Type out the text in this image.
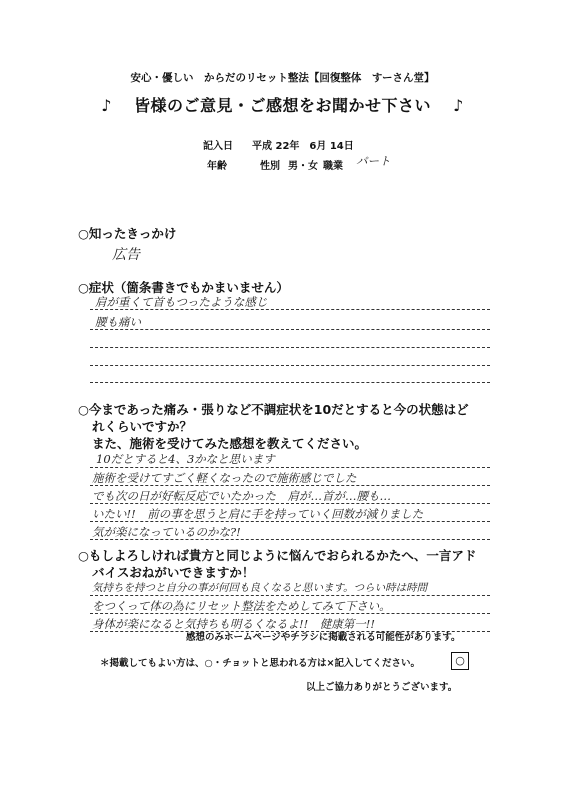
安心・優しい　からだのリセット整法【回復整体　すーさん堂】
♪ 皆様のご意見・ご感想をお聞かせ下さい ♪
記入日 平成 22年　6月 14日
年齢	性別 男・女 職業 パート
○知ったきっかけ
広告
○症状（箇条書きでもかまいません）
肩が重くて首もつったような感じ
腰も痛い
○今まであった痛み・張りなど不調症状を10だとすると今の状態はど
れくらいですか？
また、施術を受けてみた感想を教えてください。
10だとすると4、3かなと思います
施術を受けてすごく軽くなったので施術感じでした
でも次の日が好転反応でいたかった　肩が…首が…腰も…
いたい!!　前の事を思うと肩に手を持っていく回数が減りました
気が楽になっているのかな?!
○もしよろしければ貴方と同じように悩んでおられるかたへ、一言アド
バイスおねがいできますか！
気持ちを持つと自分の事が何回も良くなると思います。つらい時は時間
をつくって体の為にリセット整法をためしてみて下さい。
身体が楽になると気持ちも明るくなるよ!!　健康第一!!
感想のみホームページやチラシに掲載される可能性があります。
＊掲載してもよい方は、○・チョットと思われる方は×記入してください。	○
以上ご協力ありがとうございます。
